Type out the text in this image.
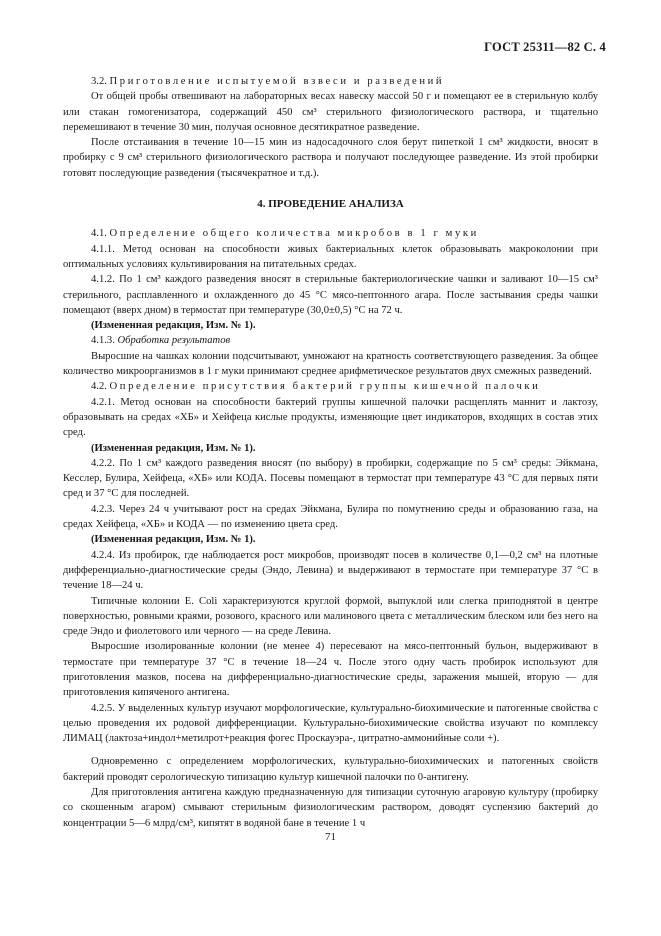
ГОСТ 25311—82 С. 4

3.2. Приготовление испытуемой взвеси и разведений

От общей пробы отвешивают на лабораторных весах навеску массой 50 г и помещают ее в стерильную колбу или стакан гомогенизатора, содержащий 450 см³ стерильного физиологического раствора, и тщательно перемешивают в течение 30 мин, получая основное десятикратное разведение.

После отстаивания в течение 10—15 мин из надосадочного слоя берут пипеткой 1 см³ жидкости, вносят в пробирку с 9 см³ стерильного физиологического раствора и получают последующее разведение. Из этой пробирки готовят последующие разведения (тысячекратное и т.д.).

4. ПРОВЕДЕНИЕ АНАЛИЗА

4.1. Определение общего количества микробов в 1 г муки

4.1.1. Метод основан на способности живых бактериальных клеток образовывать макроколонии при оптимальных условиях культивирования на питательных средах.

4.1.2. По 1 см³ каждого разведения вносят в стерильные бактериологические чашки и заливают 10—15 см³ стерильного, расплавленного и охлажденного до 45 °С мясо-пептонного агара. После застывания среды чашки помещают (вверх дном) в термостат при температуре (30,0±0,5) °С на 72 ч.

(Измененная редакция, Изм. № 1).

4.1.3. Обработка результатов

Выросшие на чашках колонии подсчитывают, умножают на кратность соответствующего разведения. За общее количество микроорганизмов в 1 г муки принимают среднее арифметическое результатов двух смежных разведений.

4.2. Определение присутствия бактерий группы кишечной палочки

4.2.1. Метод основан на способности бактерий группы кишечной палочки расщеплять маннит и лактозу, образовывать на средах «ХБ» и Хейфеца кислые продукты, изменяющие цвет индикаторов, входящих в состав этих сред.

(Измененная редакция, Изм. № 1).

4.2.2. По 1 см³ каждого разведения вносят (по выбору) в пробирки, содержащие по 5 см³ среды: Эйкмана, Кесслер, Булира, Хейфеца, «ХБ» или КОДА. Посевы помещают в термостат при температуре 43 °С для первых пяти сред и 37 °С для последней.

4.2.3. Через 24 ч учитывают рост на средах Эйкмана, Булира по помутнению среды и образованию газа, на средах Хейфеца, «ХБ» и КОДА — по изменению цвета сред.

(Измененная редакция, Изм. № 1).

4.2.4. Из пробирок, где наблюдается рост микробов, производят посев в количестве 0,1—0,2 см³ на плотные дифференциально-диагностические среды (Эндо, Левина) и выдерживают в термостате при температуре 37 °С в течение 18—24 ч.

Типичные колонии E. Coli характеризуются круглой формой, выпуклой или слегка приподнятой в центре поверхностью, ровными краями, розового, красного или малинового цвета с металлическим блеском или без него на среде Эндо и фиолетового или черного — на среде Левина.

Выросшие изолированные колонии (не менее 4) пересевают на мясо-пептонный бульон, выдерживают в термостате при температуре 37 °С в течение 18—24 ч. После этого одну часть пробирок используют для приготовления мазков, посева на дифференциально-диагностические среды, заражения мышей, вторую — для приготовления кипяченого антигена.

4.2.5. У выделенных культур изучают морфологические, культурально-биохимические и патогенные свойства с целью проведения их родовой дифференциации. Культурально-биохимические свойства изучают по комплексу ЛИМАЦ (лактоза+индол+метилрот+реакция фогес Проскауэра-, цитратно-аммонийные соли +).

Одновременно с определением морфологических, культурально-биохимических и патогенных свойств бактерий проводят серологическую типизацию культур кишечной палочки по 0-антигену.

Для приготовления антигена каждую предназначенную для типизации суточную агаровую культуру (пробирку со скошенным агаром) смывают стерильным физиологическим раствором, доводят суспензию бактерий до концентрации 5—6 млрд/см³, кипятят в водяной бане в течение 1 ч

71
